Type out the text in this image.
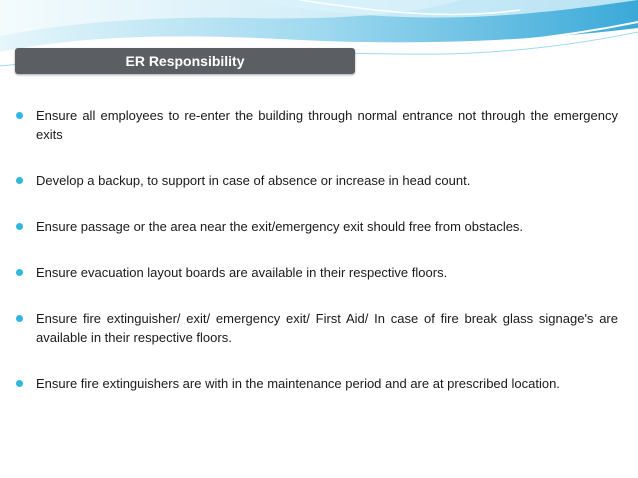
ER Responsibility
Ensure all employees to re-enter the building through normal entrance not through the emergency exits
Develop a backup, to support in case of absence or increase in head count.
Ensure passage or the area near the exit/emergency exit should free from obstacles.
Ensure evacuation layout boards are available in their respective floors.
Ensure fire extinguisher/ exit/ emergency exit/ First Aid/ In case of fire break glass signage's are available in their respective floors.
Ensure fire extinguishers are with in the maintenance period and are at prescribed location.
